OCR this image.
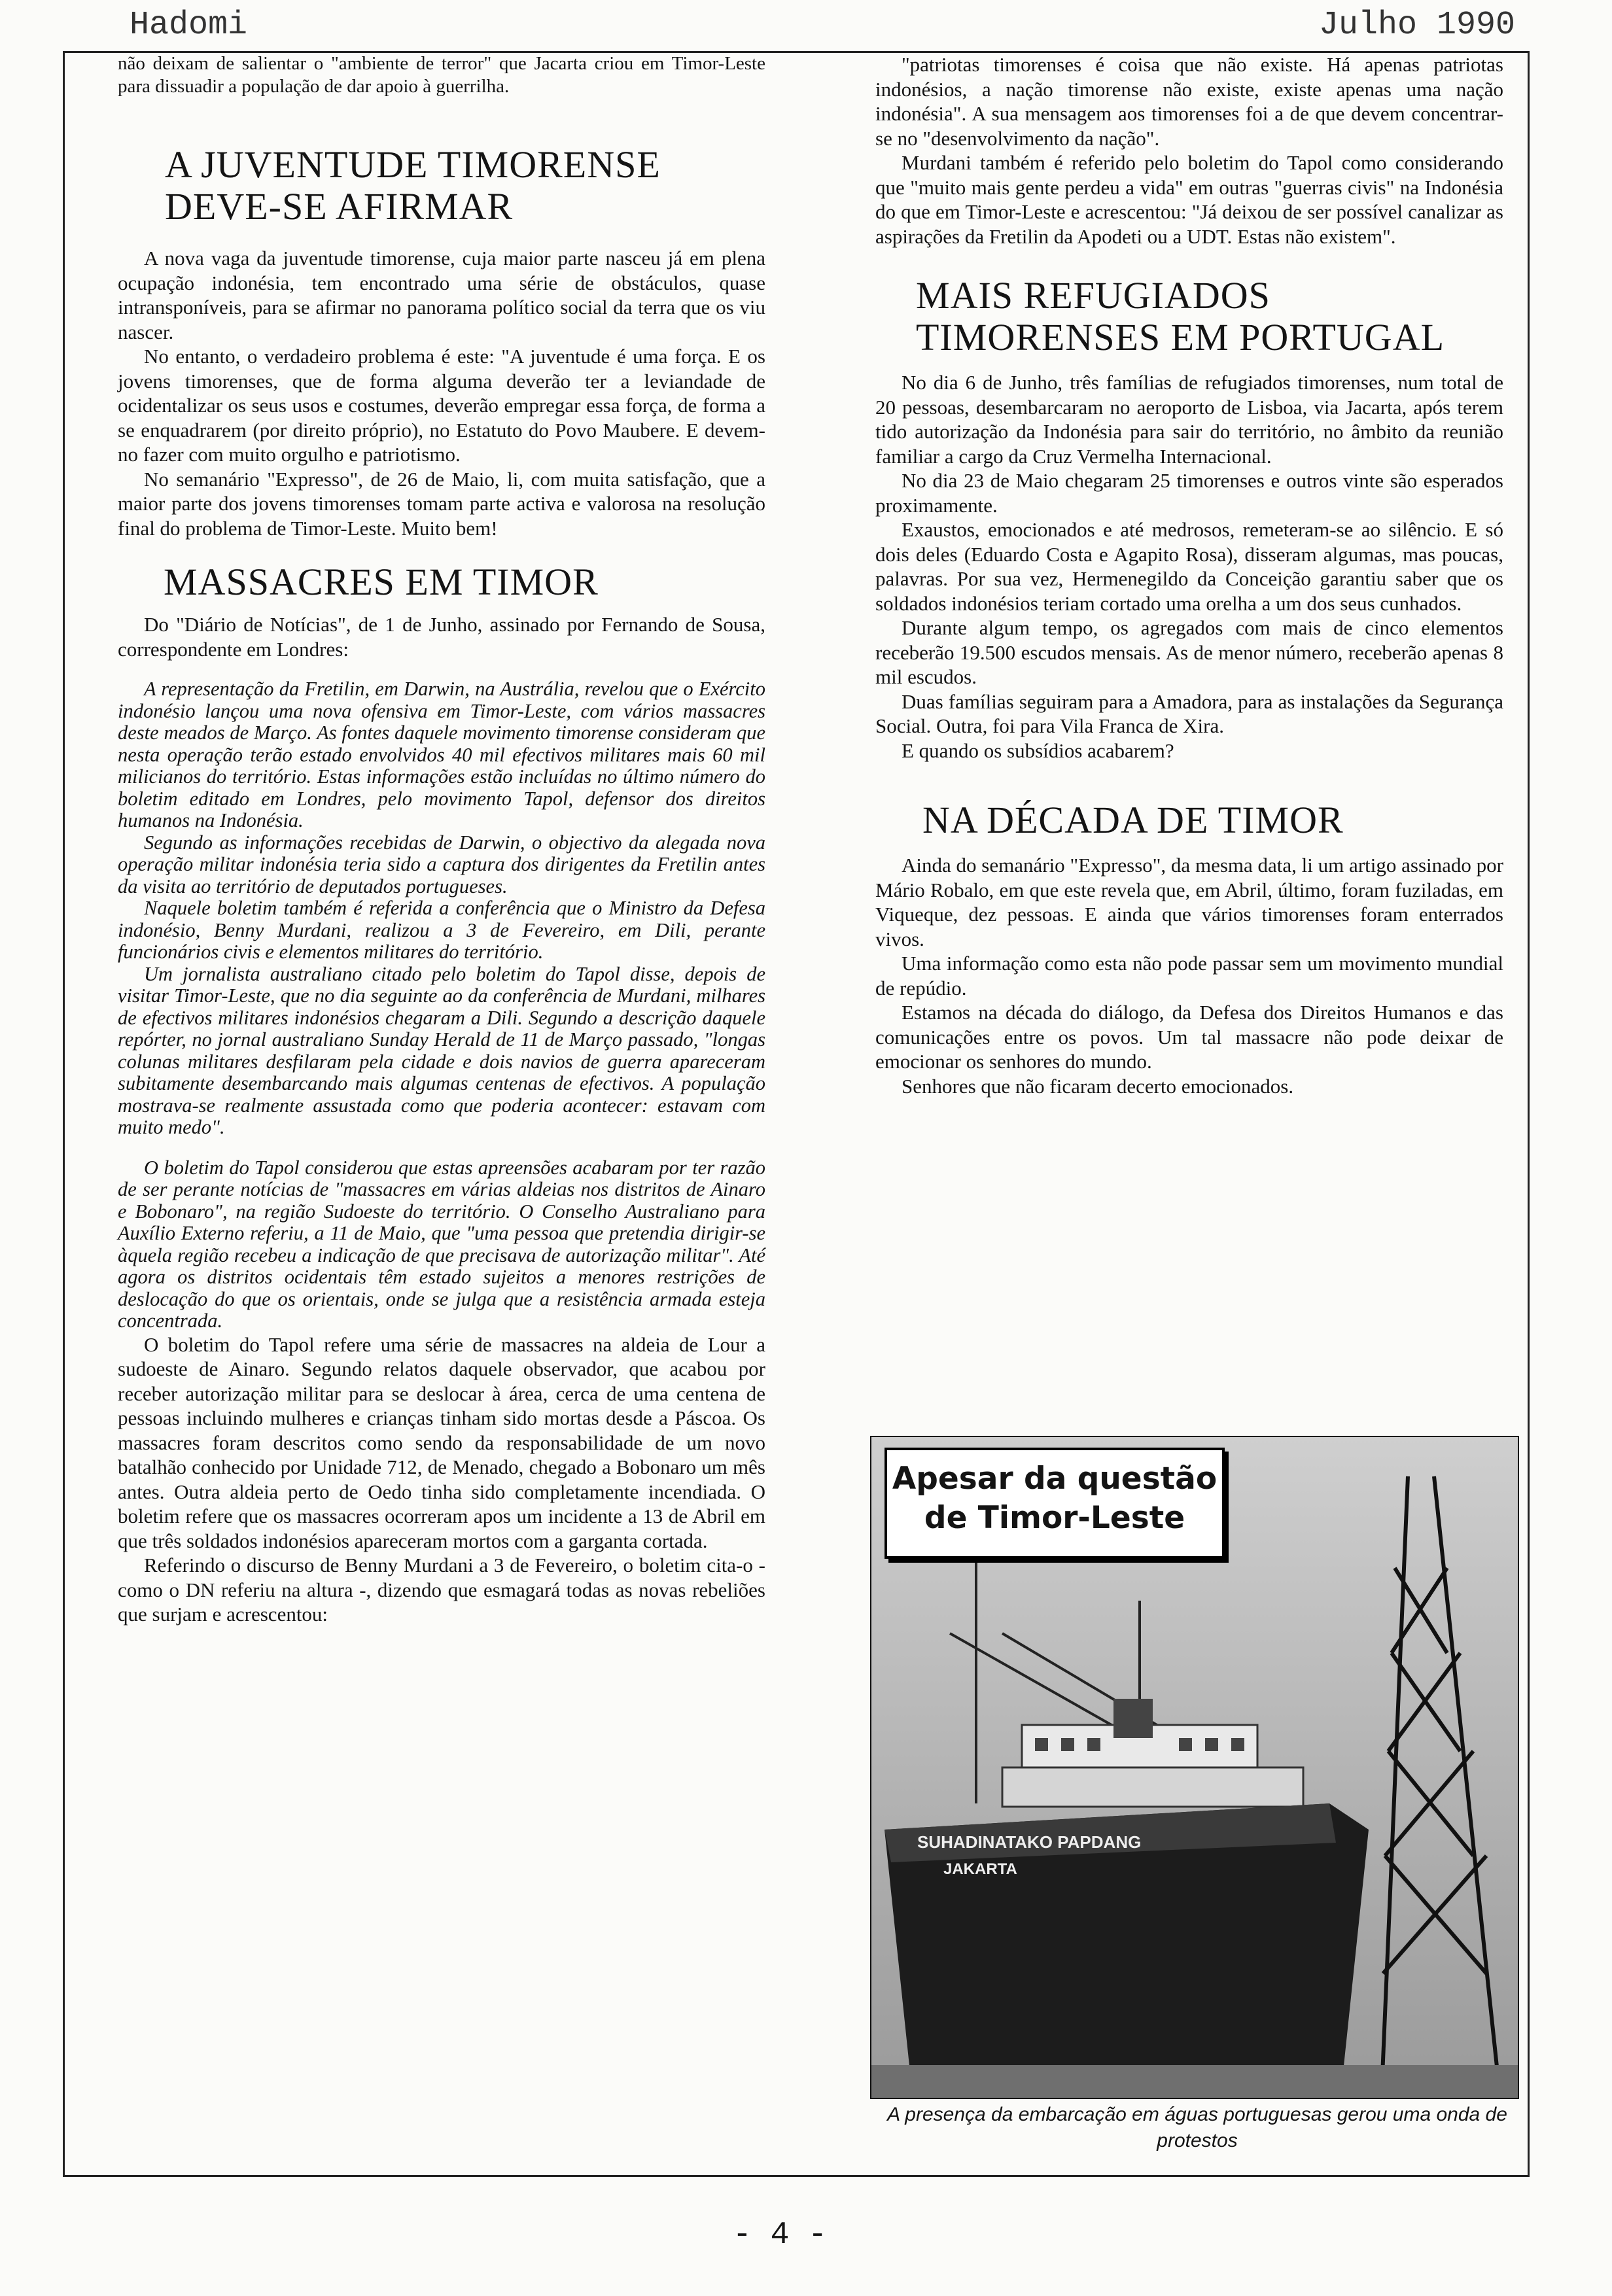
Hadomi	Julho 1990

não deixam de salientar o "ambiente de terror" que Jacarta criou em Timor-Leste para dissuadir a população de dar apoio à guerrilha.

A JUVENTUDE TIMORENSE
DEVE-SE AFIRMAR

A nova vaga da juventude timorense, cuja maior parte nasceu já em plena ocupação indonésia, tem encontrado uma série de obstáculos, quase intransponíveis, para se afirmar no panorama político social da terra que os viu nascer.

No entanto, o verdadeiro problema é este: "A juventude é uma força. E os jovens timorenses, que de forma alguma deverão ter a leviandade de ocidentalizar os seus usos e costumes, deverão empregar essa força, de forma a se enquadrarem (por direito próprio), no Estatuto do Povo Maubere. E devem-no fazer com muito orgulho e patriotismo.

No semanário "Expresso", de 26 de Maio, li, com muita satisfação, que a maior parte dos jovens timorenses tomam parte activa e valorosa na resolução final do problema de Timor-Leste. Muito bem!

MASSACRES EM TIMOR

Do "Diário de Notícias", de 1 de Junho, assinado por Fernando de Sousa, correspondente em Londres:

A representação da Fretilin, em Darwin, na Austrália, revelou que o Exército indonésio lançou uma nova ofensiva em Timor-Leste, com vários massacres deste meados de Março. As fontes daquele movimento timorense consideram que nesta operação terão estado envolvidos 40 mil efectivos militares mais 60 mil milicianos do território. Estas informações estão incluídas no último número do boletim editado em Londres, pelo movimento Tapol, defensor dos direitos humanos na Indonésia.

Segundo as informações recebidas de Darwin, o objectivo da alegada nova operação militar indonésia teria sido a captura dos dirigentes da Fretilin antes da visita ao território de deputados portugueses.

Naquele boletim também é referida a conferência que o Ministro da Defesa indonésio, Benny Murdani, realizou a 3 de Fevereiro, em Dili, perante funcionários civis e elementos militares do território.

Um jornalista australiano citado pelo boletim do Tapol disse, depois de visitar Timor-Leste, que no dia seguinte ao da conferência de Murdani, milhares de efectivos militares indonésios chegaram a Dili. Segundo a descrição daquele repórter, no jornal australiano Sunday Herald de 11 de Março passado, "longas colunas militares desfilaram pela cidade e dois navios de guerra apareceram subitamente desembarcando mais algumas centenas de efectivos. A população mostrava-se realmente assustada como que poderia acontecer: estavam com muito medo".

O boletim do Tapol considerou que estas apreensões acabaram por ter razão de ser perante notícias de "massacres em várias aldeias nos distritos de Ainaro e Bobonaro", na região Sudoeste do território. O Conselho Australiano para Auxílio Externo referiu, a 11 de Maio, que "uma pessoa que pretendia dirigir-se àquela região recebeu a indicação de que precisava de autorização militar". Até agora os distritos ocidentais têm estado sujeitos a menores restrições de deslocação do que os orientais, onde se julga que a resistência armada esteja concentrada.

O boletim do Tapol refere uma série de massacres na aldeia de Lour a sudoeste de Ainaro. Segundo relatos daquele observador, que acabou por receber autorização militar para se deslocar à área, cerca de uma centena de pessoas incluindo mulheres e crianças tinham sido mortas desde a Páscoa. Os massacres foram descritos como sendo da responsabilidade de um novo batalhão conhecido por Unidade 712, de Menado, chegado a Bobonaro um mês antes. Outra aldeia perto de Oedo tinha sido completamente incendiada. O boletim refere que os massacres ocorreram apos um incidente a 13 de Abril em que três soldados indonésios apareceram mortos com a garganta cortada.

Referindo o discurso de Benny Murdani a 3 de Fevereiro, o boletim cita-o - como o DN referiu na altura -, dizendo que esmagará todas as novas rebeliões que surjam e acrescentou:

"patriotas timorenses é coisa que não existe. Há apenas patriotas indonésios, a nação timorense não existe, existe apenas uma nação indonésia". A sua mensagem aos timorenses foi a de que devem concentrar-se no "desenvolvimento da nação".

Murdani também é referido pelo boletim do Tapol como considerando que "muito mais gente perdeu a vida" em outras "guerras civis" na Indonésia do que em Timor-Leste e acrescentou: "Já deixou de ser possível canalizar as aspirações da Fretilin da Apodeti ou a UDT. Estas não existem".

MAIS REFUGIADOS
TIMORENSES EM PORTUGAL

No dia 6 de Junho, três famílias de refugiados timorenses, num total de 20 pessoas, desembarcaram no aeroporto de Lisboa, via Jacarta, após terem tido autorização da Indonésia para sair do território, no âmbito da reunião familiar a cargo da Cruz Vermelha Internacional.

No dia 23 de Maio chegaram 25 timorenses e outros vinte são esperados proximamente.

Exaustos, emocionados e até medrosos, remeteram-se ao silêncio. E só dois deles (Eduardo Costa e Agapito Rosa), disseram algumas, mas poucas, palavras. Por sua vez, Hermenegildo da Conceição garantiu saber que os soldados indonésios teriam cortado uma orelha a um dos seus cunhados.

Durante algum tempo, os agregados com mais de cinco elementos receberão 19.500 escudos mensais. As de menor número, receberão apenas 8 mil escudos.

Duas famílias seguiram para a Amadora, para as instalações da Segurança Social. Outra, foi para Vila Franca de Xira.

E quando os subsídios acabarem?

NA DÉCADA DE TIMOR

Ainda do semanário "Expresso", da mesma data, li um artigo assinado por Mário Robalo, em que este revela que, em Abril, último, foram fuziladas, em Viqueque, dez pessoas. E ainda que vários timorenses foram enterrados vivos.

Uma informação como esta não pode passar sem um movimento mundial de repúdio.

Estamos na década do diálogo, da Defesa dos Direitos Humanos e das comunicações entre os povos. Um tal massacre não pode deixar de emocionar os senhores do mundo.

Senhores que não ficaram decerto emocionados.

SUHADINATAKO PAPDANG
JAKARTA
Apesar da questão
de Timor-Leste
A presença da embarcação em águas portuguesas gerou uma onda de protestos
- 4 -
